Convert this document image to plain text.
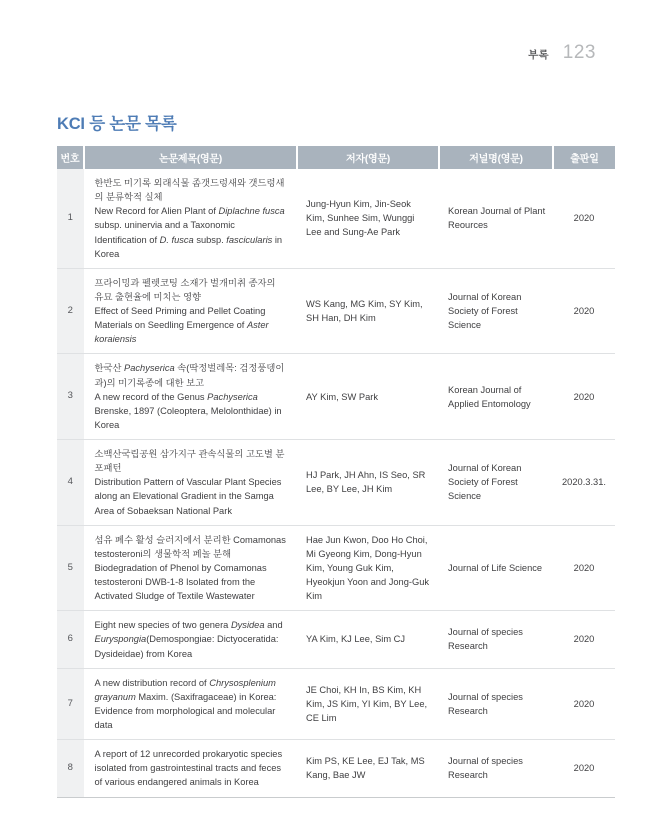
부록 123
KCI 등 논문 목록
번호	논문제목(영문)	저자(영문)	저널명(영문)	출판일
1	한반도 미기록 외래식물 좀갯드렁새와 갯드렁새의 분류학적 실체
New Record for Alien Plant of Diplachne fusca subsp. uninervia and a Taxonomic Identification of D. fusca subsp. fascicularis in Korea	Jung-Hyun Kim, Jin-Seok Kim, Sunhee Sim, Wunggi Lee and Sung-Ae Park	Korean Journal of Plant Reources	2020
2	프라이밍과 펠렛코팅 소재가 벌개미취 종자의 유묘 출현율에 미치는 영향
Effect of Seed Priming and Pellet Coating Materials on Seedling Emergence of Aster koraiensis	WS Kang, MG Kim, SY Kim, SH Han, DH Kim	Journal of Korean Society of Forest Science	2020
3	한국산 Pachyserica 속(딱정벌레목: 검정풍뎅이과)의 미기록종에 대한 보고
A new record of the Genus Pachyserica Brenske, 1897 (Coleoptera, Melolonthidae) in Korea	AY Kim, SW Park	Korean Journal of Applied Entomology	2020
4	소백산국립공원 삼가지구 관속식물의 고도별 분포패턴
Distribution Pattern of Vascular Plant Species along an Elevational Gradient in the Samga Area of Sobaeksan National Park	HJ Park, JH Ahn, IS Seo, SR Lee, BY Lee, JH Kim	Journal of Korean Society of Forest Science	2020.3.31.
5	섬유 폐수 활성 슬러지에서 분리한 Comamonas testosteroni의 생물학적 페놀 분해
Biodegradation of Phenol by Comamonas testosteroni DWB-1-8 Isolated from the Activated Sludge of Textile Wastewater	Hae Jun Kwon, Doo Ho Choi, Mi Gyeong Kim, Dong-Hyun Kim, Young Guk Kim, Hyeokjun Yoon and Jong-Guk Kim	Journal of Life Science	2020
6	Eight new species of two genera Dysidea and Euryspongia(Demospongiae: Dictyoceratida: Dysideidae) from Korea	YA Kim, KJ Lee, Sim CJ	Journal of species Research	2020
7	A new distribution record of Chrysosplenium grayanum Maxim. (Saxifragaceae) in Korea: Evidence from morphological and molecular data	JE Choi, KH In, BS Kim, KH Kim, JS Kim, YI Kim, BY Lee, CE Lim	Journal of species Research	2020
8	A report of 12 unrecorded prokaryotic species isolated from gastrointestinal tracts and feces of various endangered animals in Korea	Kim PS, KE Lee, EJ Tak, MS Kang, Bae JW	Journal of species Research	2020
